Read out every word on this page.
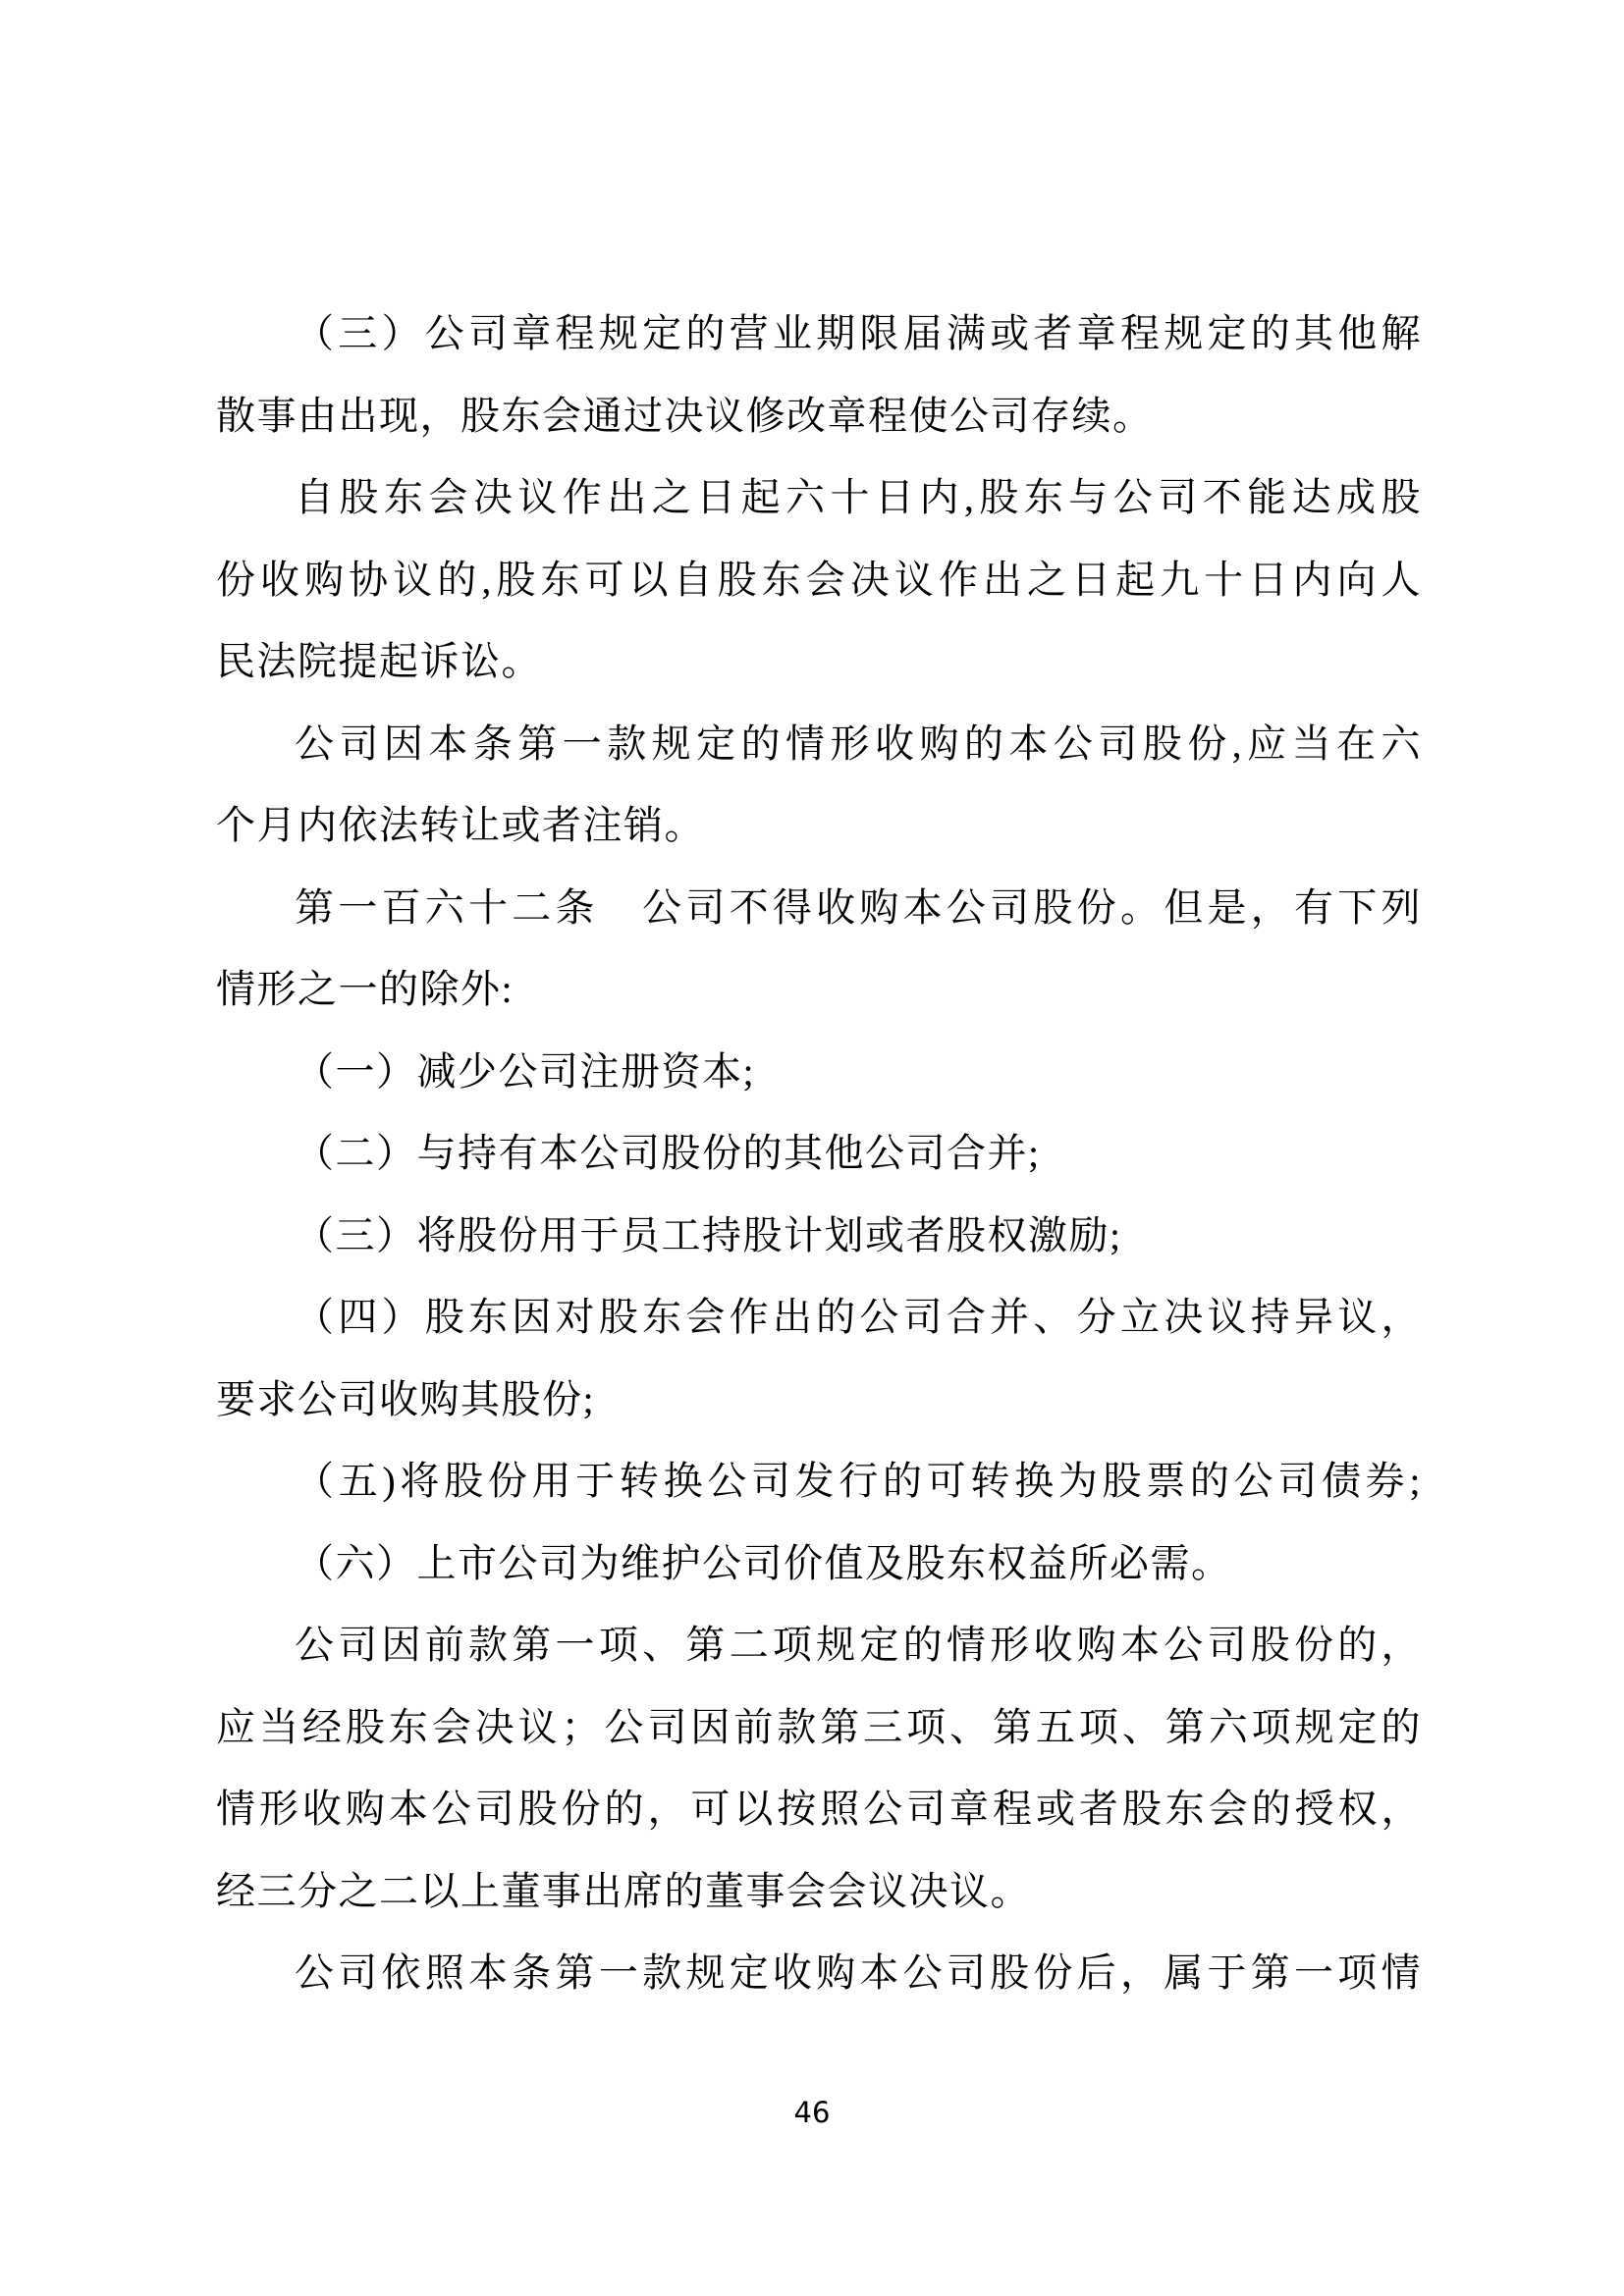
（三）公司章程规定的营业期限届满或者章程规定的其他解
散事由出现，股东会通过决议修改章程使公司存续。
自股东会决议作出之日起六十日内,股东与公司不能达成股
份收购协议的,股东可以自股东会决议作出之日起九十日内向人
民法院提起诉讼。
公司因本条第一款规定的情形收购的本公司股份,应当在六
个月内依法转让或者注销。
第一百六十二条　公司不得收购本公司股份。但是，有下列
情形之一的除外:
（一）减少公司注册资本;
（二）与持有本公司股份的其他公司合并;
（三）将股份用于员工持股计划或者股权激励;
（四）股东因对股东会作出的公司合并、分立决议持异议，
要求公司收购其股份;
（五)将股份用于转换公司发行的可转换为股票的公司债券;
（六）上市公司为维护公司价值及股东权益所必需。
公司因前款第一项、第二项规定的情形收购本公司股份的，
应当经股东会决议；公司因前款第三项、第五项、第六项规定的
情形收购本公司股份的，可以按照公司章程或者股东会的授权，
经三分之二以上董事出席的董事会会议决议。
公司依照本条第一款规定收购本公司股份后，属于第一项情
46
